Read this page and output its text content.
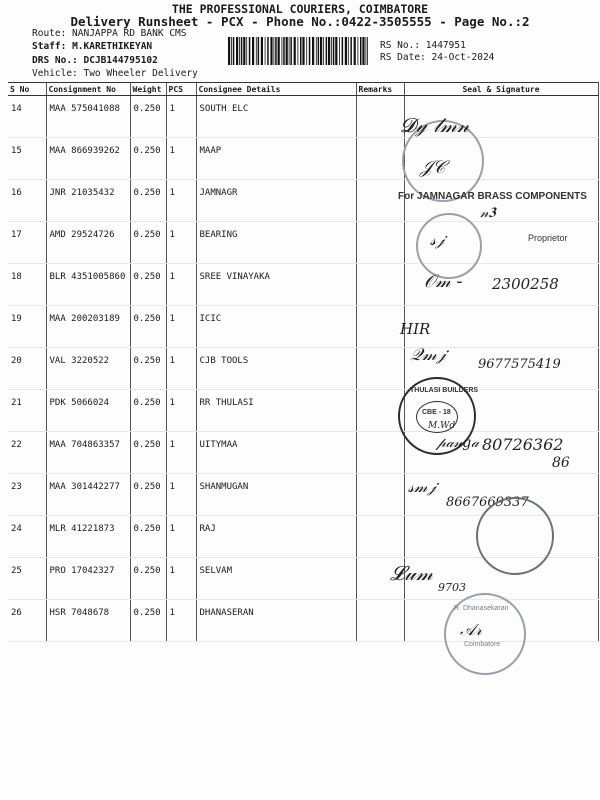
THE PROFESSIONAL COURIERS, COIMBATORE
Delivery Runsheet - PCX - Phone No.:0422-3505555 - Page No.:2
Route: NANJAPPA RD BANK CMS
Staff: M.KARETHIKEYAN
DRS No.: DCJB144795102
Vehicle: Two Wheeler Delivery
RS No.: 1447951
RS Date: 24-Oct-2024
S No	Consignment No	Weight	PCS	Consignee Details	Remarks	Seal & Signature
14	MAA 575041088	0.250	1	SOUTH ELC		
15	MAA 866939262	0.250	1	MAAP		
16	JNR 21035432	0.250	1	JAMNAGR		
17	AMD 29524726	0.250	1	BEARING		
18	BLR 4351005860	0.250	1	SREE VINAYAKA		
19	MAA 200203189	0.250	1	ICIC		
20	VAL 3220522	0.250	1	CJB TOOLS		
21	PDK 5066024	0.250	1	RR THULASI		
22	MAA 704863357	0.250	1	UITYMAA		
23	MAA 301442277	0.250	1	SHANMUGAN		
24	MLR 41221873	0.250	1	RAJ		
25	PRO 17042327	0.250	1	SELVAM		
26	HSR 7048678	0.250	1	DHANASERAN		
𝓓𝓎 𝓁𝓂𝓃
𝒥𝒞
For JAMNAGAR BRASS COMPONENTS
𝓃𝟑
𝓈𝒿	Proprietor
2300258
𝒪𝓂 -
HIR
𝒬𝓂𝒿 9677575419
THULASI BUILDERS
CBE - 18
M.Wd
𝓅𝒶𝓃𝑔𝒶 80726362
86
𝓈𝓂𝒿
8667669337
𝓛𝓊𝓂
9703
R. Dhanasekaran
Coimbatore
𝒜𝓇
